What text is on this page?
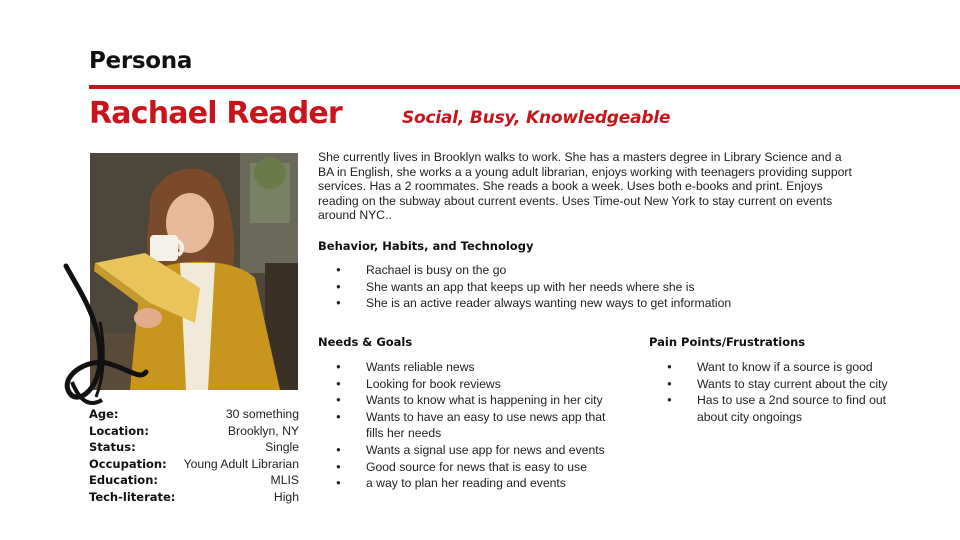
Persona
Rachael Reader	Social, Busy, Knowledgeable
She currently lives in Brooklyn walks to work. She has a masters degree in Library Science and a BA in English, she works a a young adult librarian, enjoys working with teenagers providing support services. Has a 2 roommates. She reads a book a week. Uses both e-books and print. Enjoys reading on the subway about current events. Uses Time-out New York to stay current on events around NYC..
Behavior, Habits, and Technology
● Rachael is busy on the go
● She wants an app that keeps up with her needs where she is
● She is an active reader always wanting new ways to get information
Needs & Goals
● Wants reliable news
● Looking for book reviews
● Wants to know what is happening in her city
● Wants to have an easy to use news app that fills her needs
● Wants a signal use app for news and events
● Good source for news that is easy to use
● a way to plan her reading and events
Pain Points/Frustrations
● Want to know if a source is good
● Wants to stay current about the city
● Has to use a 2nd source to find out about city ongoings
Age:	30 something
Location:	Brooklyn, NY
Status:	Single
Occupation: Young Adult Librarian
Education:	MLIS
Tech-literate:	High
